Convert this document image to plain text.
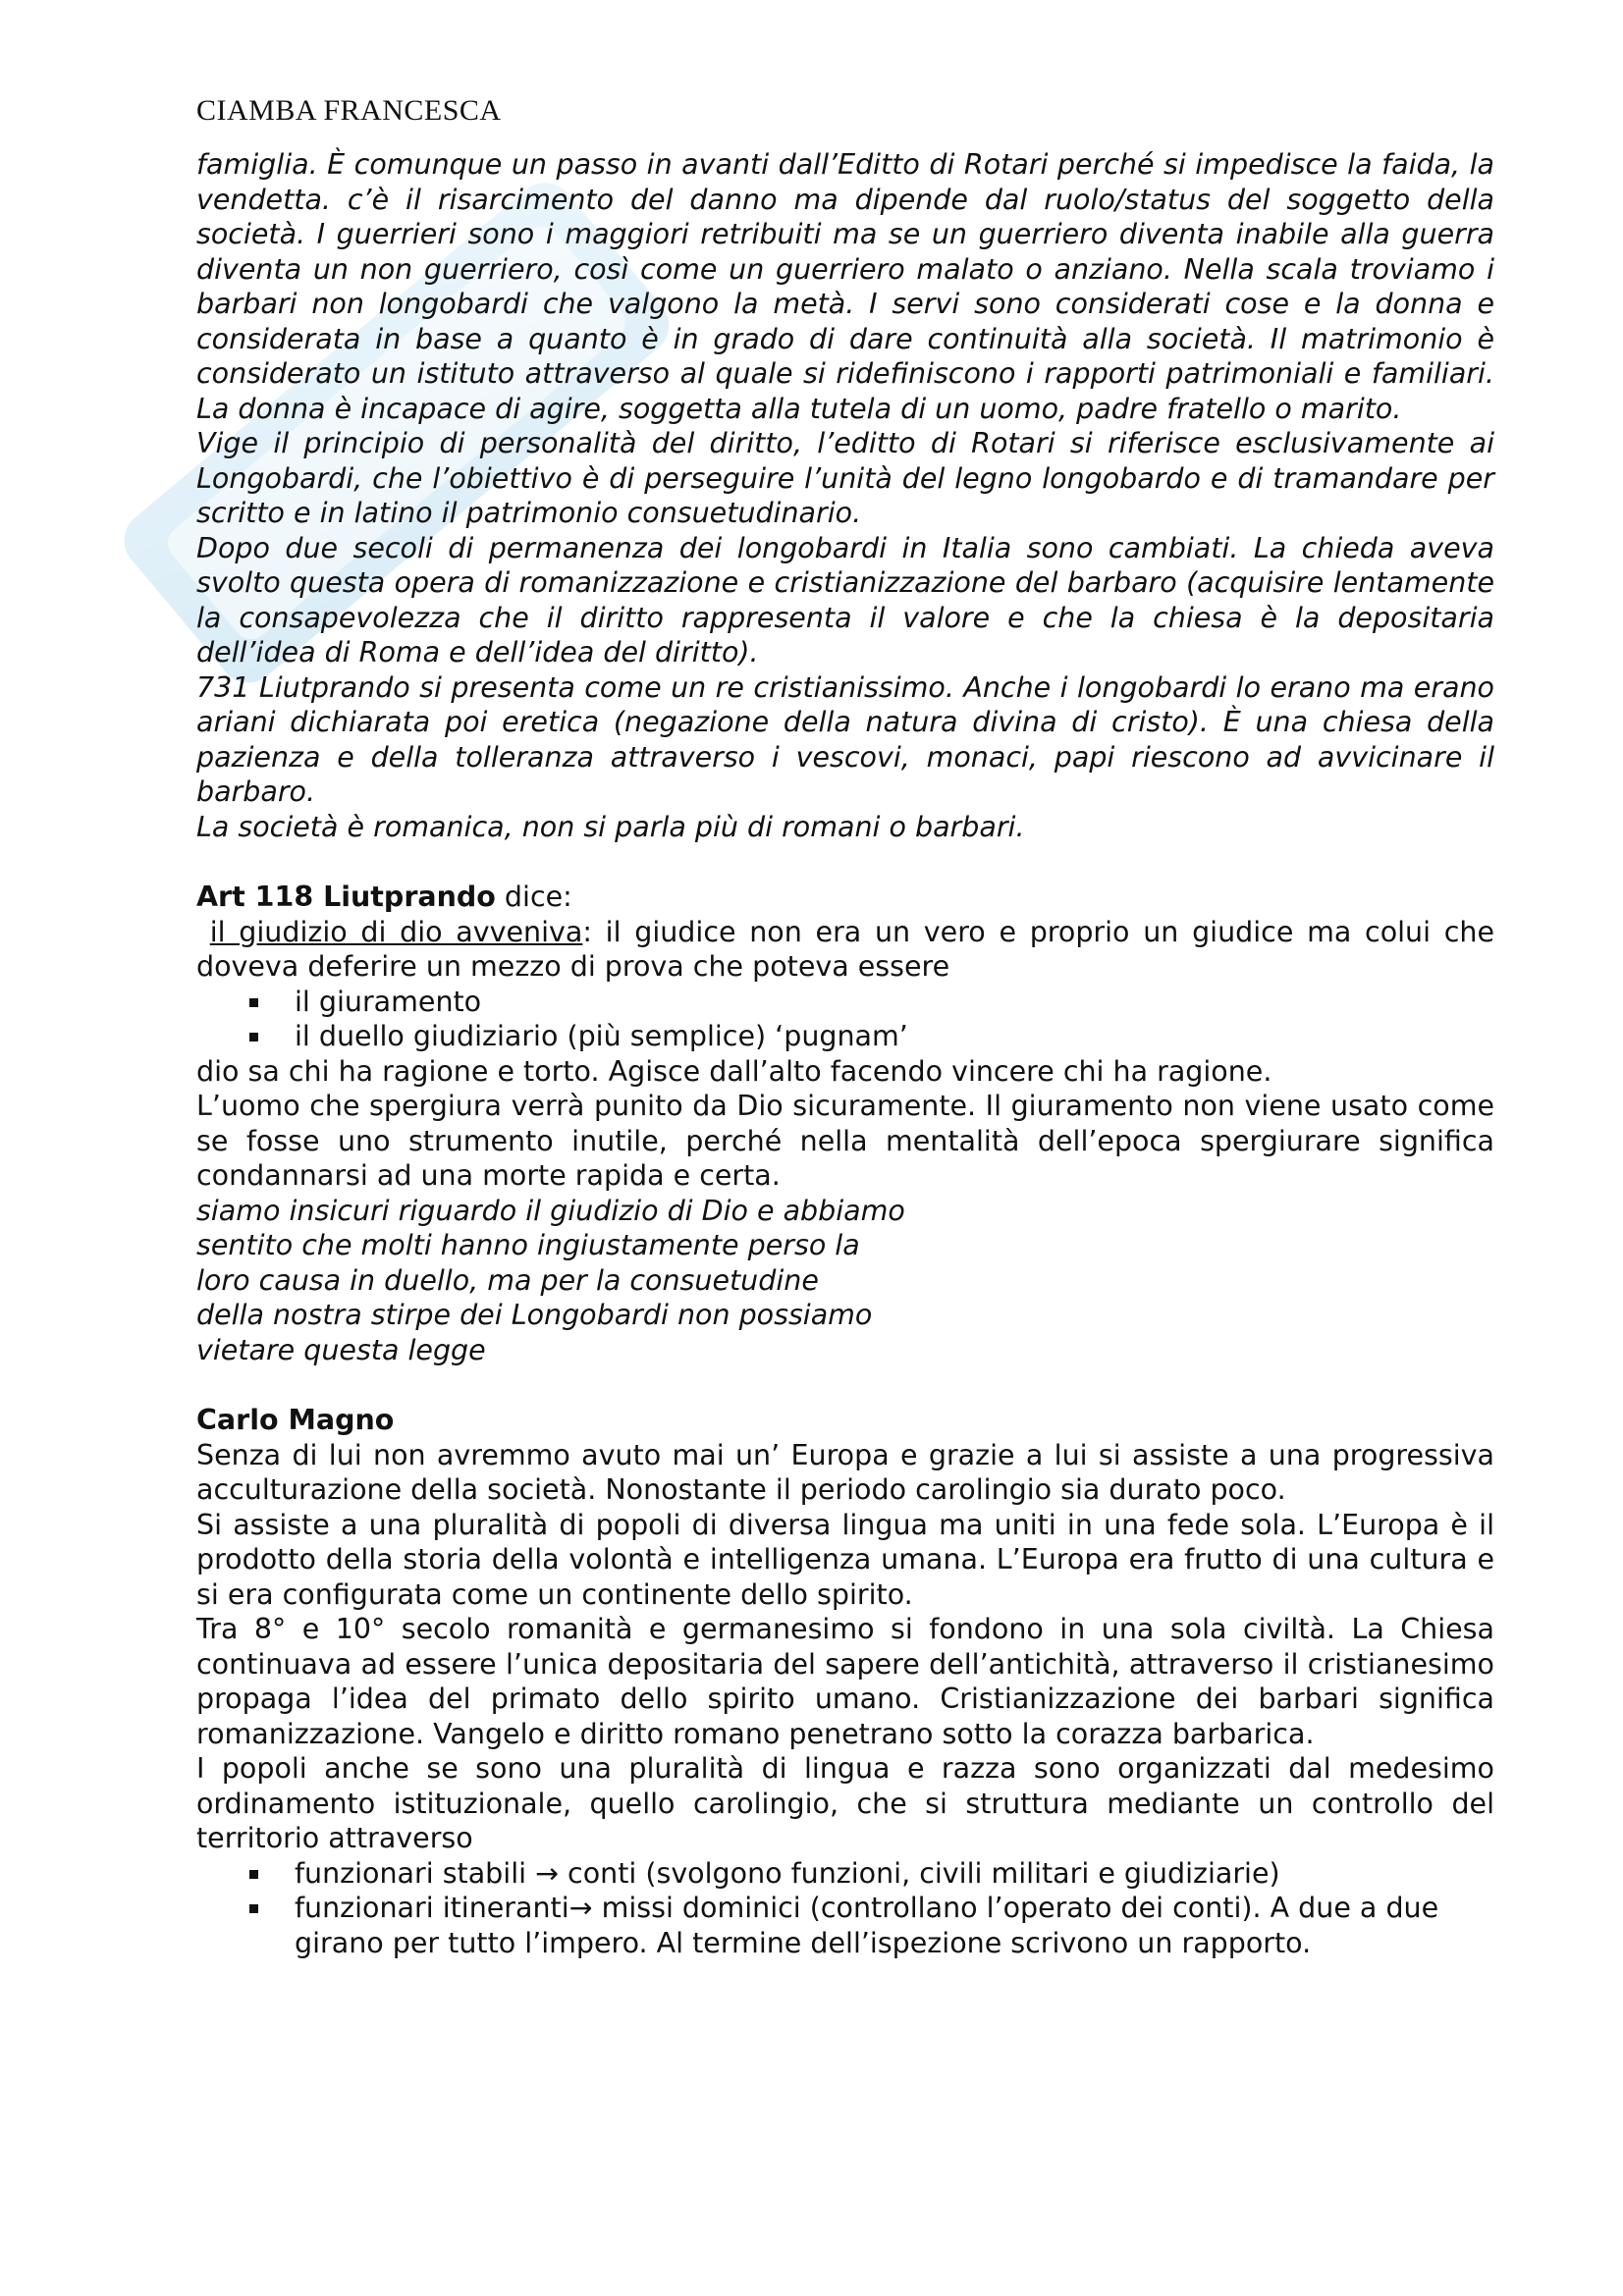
CIAMBA FRANCESCA

famiglia. È comunque un passo in avanti dall’Editto di Rotari perché si impedisce la faida, la vendetta. c’è il risarcimento del danno ma dipende dal ruolo/status del soggetto della società. I guerrieri sono i maggiori retribuiti ma se un guerriero diventa inabile alla guerra diventa un non guerriero, così come un guerriero malato o anziano. Nella scala troviamo i barbari non longobardi che valgono la metà. I servi sono considerati cose e la donna e considerata in base a quanto è in grado di dare continuità alla società. Il matrimonio è considerato un istituto attraverso al quale si ridefiniscono i rapporti patrimoniali e familiari. La donna è incapace di agire, soggetta alla tutela di un uomo, padre fratello o marito.

Vige il principio di personalità del diritto, l’editto di Rotari si riferisce esclusivamente ai Longobardi, che l’obiettivo è di perseguire l’unità del legno longobardo e di tramandare per scritto e in latino il patrimonio consuetudinario.

Dopo due secoli di permanenza dei longobardi in Italia sono cambiati. La chieda aveva svolto questa opera di romanizzazione e cristianizzazione del barbaro (acquisire lentamente la consapevolezza che il diritto rappresenta il valore e che la chiesa è la depositaria dell’idea di Roma e dell’idea del diritto).

731 Liutprando si presenta come un re cristianissimo. Anche i longobardi lo erano ma erano ariani dichiarata poi eretica (negazione della natura divina di cristo). È una chiesa della pazienza e della tolleranza attraverso i vescovi, monaci, papi riescono ad avvicinare il barbaro.

La società è romanica, non si parla più di romani o barbari.

Art 118 Liutprando dice:

il giudizio di dio avveniva: il giudice non era un vero e proprio un giudice ma colui che doveva deferire un mezzo di prova che poteva essere

il giuramento
il duello giudiziario (più semplice) ‘pugnam’

dio sa chi ha ragione e torto. Agisce dall’alto facendo vincere chi ha ragione.

L’uomo che spergiura verrà punito da Dio sicuramente. Il giuramento non viene usato come se fosse uno strumento inutile, perché nella mentalità dell’epoca spergiurare significa condannarsi ad una morte rapida e certa.

siamo insicuri riguardo il giudizio di Dio e abbiamo

sentito che molti hanno ingiustamente perso la

loro causa in duello, ma per la consuetudine

della nostra stirpe dei Longobardi non possiamo

vietare questa legge

Carlo Magno

Senza di lui non avremmo avuto mai un’ Europa e grazie a lui si assiste a una progressiva acculturazione della società. Nonostante il periodo carolingio sia durato poco.

Si assiste a una pluralità di popoli di diversa lingua ma uniti in una fede sola. L’Europa è il prodotto della storia della volontà e intelligenza umana. L’Europa era frutto di una cultura e si era configurata come un continente dello spirito.

Tra 8° e 10° secolo romanità e germanesimo si fondono in una sola civiltà. La Chiesa continuava ad essere l’unica depositaria del sapere dell’antichità, attraverso il cristianesimo propaga l’idea del primato dello spirito umano. Cristianizzazione dei barbari significa romanizzazione. Vangelo e diritto romano penetrano sotto la corazza barbarica.

I popoli anche se sono una pluralità di lingua e razza sono organizzati dal medesimo ordinamento istituzionale, quello carolingio, che si struttura mediante un controllo del territorio attraverso

funzionari stabili → conti (svolgono funzioni, civili militari e giudiziarie)
funzionari itineranti→ missi dominici (controllano l’operato dei conti). A due a due girano per tutto l’impero. Al termine dell’ispezione scrivono un rapporto.
